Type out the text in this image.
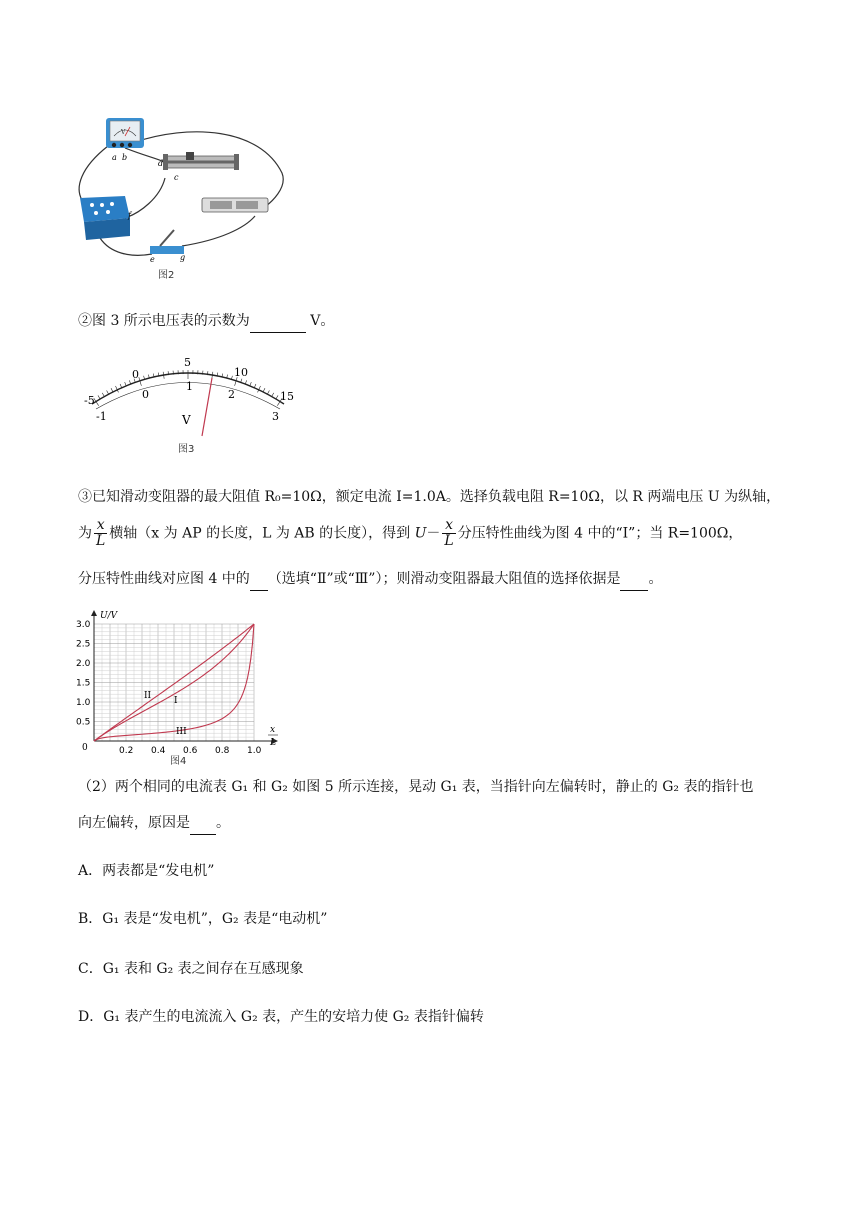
V
a b
c
d
e
f
g
图2
②图 3 所示电压表的示数为	V。
-5
0
5
10
15
-1
0
1
2
3
V
图3
③已知滑动变阻器的最大阻值 R₀=10Ω，额定电流 I=1.0A。选择负载电阻 R=10Ω，以 R 两端电压 U 为纵轴，
为 $\frac{x}{L}$ 横轴（x 为 AP 的长度，L 为 AB 的长度），得到 $U- \frac{x}{L}$ 分压特性曲线为图 4 中的“I”；当 R=100Ω，
分压特性曲线对应图 4 中的 （选填“Ⅱ”或“Ⅲ”）；则滑动变阻器最大阻值的选择依据是 。
0.5
1.0
1.5
2.0
2.5
3.0
0.2 0.4 0.6 0.8 1.0
U/V
0
x
L
II	I
III
图4
（2）两个相同的电流表 G₁ 和 G₂ 如图 5 所示连接，晃动 G₁ 表，当指针向左偏转时，静止的 G₂ 表的指针也
向左偏转，原因是 。
A．两表都是“发电机”
B．G₁ 表是“发电机”，G₂ 表是“电动机”
C．G₁ 表和 G₂ 表之间存在互感现象
D．G₁ 表产生的电流流入 G₂ 表，产生的安培力使 G₂ 表指针偏转
